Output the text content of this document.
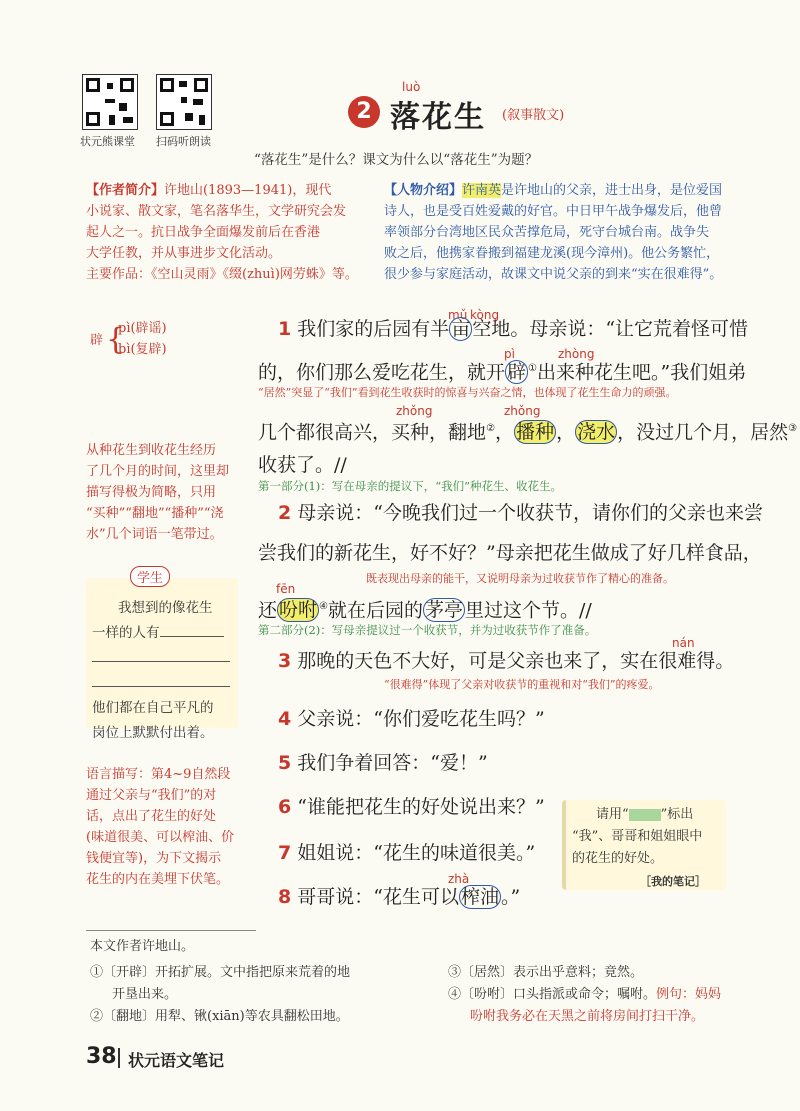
状元熊课堂 扫码听朗读
2
luò
落花生 (叙事散文)
“落花生”是什么？课文为什么以“落花生”为题？
【作者简介】许地山(1893—1941)，现代
小说家、散文家，笔名落华生，文学研究会发
起人之一。抗日战争全面爆发前后在香港
大学任教，并从事进步文化活动。
主要作品：《空山灵雨》《缀(zhuì)网劳蛛》等。
【人物介绍】许南英是许地山的父亲，进士出身，是位爱国
诗人，也是受百姓爱戴的好官。中日甲午战争爆发后，他曾
率领部分台湾地区民众苦撑危局，死守台城台南。战争失
败之后，他携家眷搬到福建龙溪(现今漳州)。他公务繁忙，
很少参与家庭活动，故课文中说父亲的到来“实在很难得”。
辟 {
pì(辟谣)
bì(复辟)
从种花生到收花生经历
了几个月的时间，这里却
描写得极为简略，只用
“买种”“翻地”“播种”“浇
水”几个词语一笔带过。
学生
我想到的像花生
一样的人有
他们都在自己平凡的
岗位上默默付出着。
语言描写：第4~9自然段
通过父亲与“我们”的对
话，点出了花生的好处
(味道很美、可以榨油、价
钱便宜等)，为下文揭示
花生的内在美埋下伏笔。
mǔ kòng
1 我们家的后园有半 亩 空地。母亲说：“让它荒着怪可惜
pì	zhòng
的，你们那么爱吃花生，就开 辟 ①出来种花生吧。”我们姐弟
“居然”突显了“我们”看到花生收获时的惊喜与兴奋之情，也体现了花生生命力的顽强。
zhǒng	zhǒng
几个都很高兴，买种，翻地②， 播种 ， 浇水 ，没过几个月，居然③
收获了。//
第一部分(1)：写在母亲的提议下，“我们”种花生、收花生。
2 母亲说：“今晚我们过一个收获节，请你们的父亲也来尝
尝我们的新花生，好不好？”母亲把花生做成了好几样食品，
既表现出母亲的能干，又说明母亲为过收获节作了精心的准备。
fēn
还 吩咐 ④就在后园的 茅亭 里过这个节。//
第二部分(2)：写母亲提议过一个收获节，并为过收获节作了准备。
nán
3 那晚的天色不大好，可是父亲也来了，实在很难得。
“很难得”体现了父亲对收获节的重视和对“我们”的疼爱。
4 父亲说：“你们爱吃花生吗？”
5 我们争着回答：“爱！”
6 “谁能把花生的好处说出来？”
7 姐姐说：“花生的味道很美。”
zhà
8 哥哥说：“花生可以 榨油 。”
请用“ ”标出
“我”、哥哥和姐姐眼中
的花生的好处。
［我的笔记］
本文作者许地山。
①〔开辟〕开拓扩展。文中指把原来荒着的地
开垦出来。
②〔翻地〕用犁、锹(xiān)等农具翻松田地。
③〔居然〕表示出乎意料；竟然。
④〔吩咐〕口头指派或命令；嘱咐。例句：妈妈
吩咐我务必在天黑之前将房间打扫干净。
38 状元语文笔记
